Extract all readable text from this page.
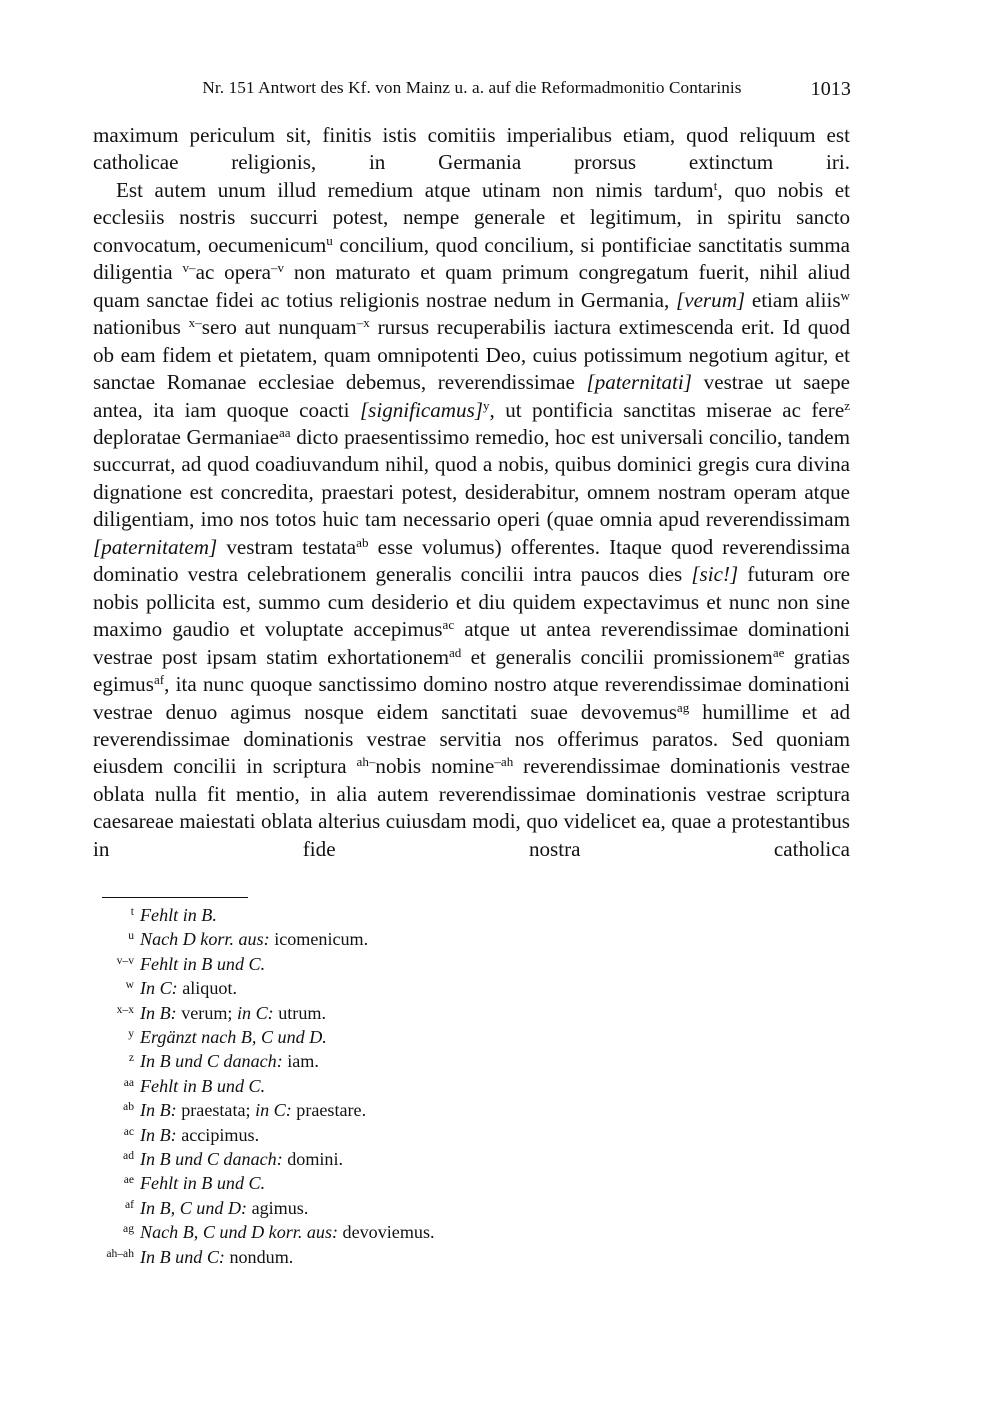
Nr. 151 Antwort des Kf. von Mainz u. a. auf die Reformadmonitio Contarinis	1013

maximum periculum sit, finitis istis comitiis imperialibus etiam, quod reliquum est catholicae religionis, in Germania prorsus extinctum iri.

Est autem unum illud remedium atque utinam non nimis tardum$^t$, quo nobis et ecclesiis nostris succurri potest, nempe generale et legitimum, in spiritu sancto convocatum, oecumenicum$^u$ concilium, quod concilium, si pontificiae sanctitatis summa diligentia $^{v-}$ac opera$^{-v}$ non maturato et quam primum congregatum fuerit, nihil aliud quam sanctae fidei ac totius religionis nostrae nedum in Germania, [verum] etiam aliis$^w$ nationibus $^{x-}$sero aut nunquam$^{-x}$ rursus recuperabilis iactura extimescenda erit. Id quod ob eam fidem et pietatem, quam omnipotenti Deo, cuius potissimum negotium agitur, et sanctae Romanae ecclesiae debemus, reverendissimae [paternitati] vestrae ut saepe antea, ita iam quoque coacti [significamus]$^y$, ut pontificia sanctitas miserae ac fere$^z$ deploratae Germaniae$^{aa}$ dicto praesentissimo remedio, hoc est universali concilio, tandem succurrat, ad quod coadiuvandum nihil, quod a nobis, quibus dominici gregis cura divina dignatione est concredita, praestari potest, desiderabitur, omnem nostram operam atque diligentiam, imo nos totos huic tam necessario operi (quae omnia apud reverendissimam [paternitatem] vestram testata$^{ab}$ esse volumus) offerentes. Itaque quod reverendissima dominatio vestra celebrationem generalis concilii intra paucos dies [sic!] futuram ore nobis pollicita est, summo cum desiderio et diu quidem expectavimus et nunc non sine maximo gaudio et voluptate accepimus$^{ac}$ atque ut antea reverendissimae dominationi vestrae post ipsam statim exhortationem$^{ad}$ et generalis concilii promissionem$^{ae}$ gratias egimus$^{af}$, ita nunc quoque sanctissimo domino nostro atque reverendissimae dominationi vestrae denuo agimus nosque eidem sanctitati suae devovemus$^{ag}$ humillime et ad reverendissimae dominationis vestrae servitia nos offerimus paratos. Sed quoniam eiusdem concilii in scriptura $^{ah-}$nobis nomine$^{-ah}$ reverendissimae dominationis vestrae oblata nulla fit mentio, in alia autem reverendissimae dominationis vestrae scriptura caesareae maiestati oblata alterius cuiusdam modi, quo videlicet ea, quae a protestantibus in fide nostra catholica

t Fehlt in B.
u Nach D korr. aus: icomenicum.
v–v Fehlt in B und C.
w In C: aliquot.
x–x In B: verum; in C: utrum.
y Ergänzt nach B, C und D.
z In B und C danach: iam.
aa Fehlt in B und C.
ab In B: praestata; in C: praestare.
ac In B: accipimus.
ad In B und C danach: domini.
ae Fehlt in B und C.
af In B, C und D: agimus.
ag Nach B, C und D korr. aus: devoviemus.
ah–ah In B und C: nondum.
